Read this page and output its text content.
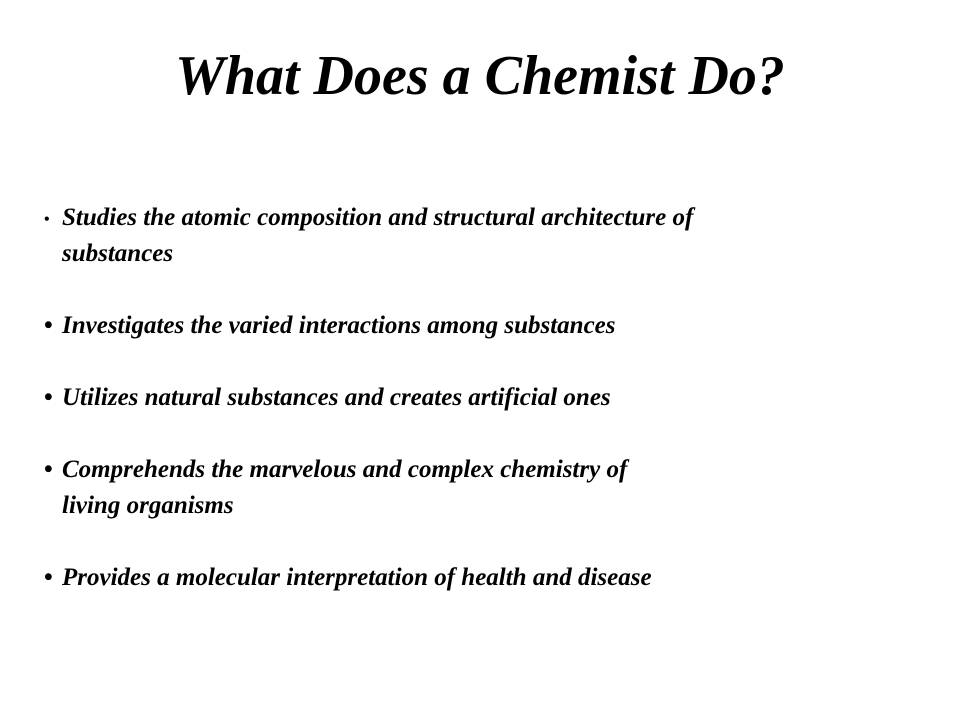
What Does a Chemist Do?
• Studies the atomic composition and structural architecture of
substances
• Investigates the varied interactions among substances
• Utilizes natural substances and creates artificial ones
• Comprehends the marvelous and complex chemistry of
living organisms
• Provides a molecular interpretation of health and disease
